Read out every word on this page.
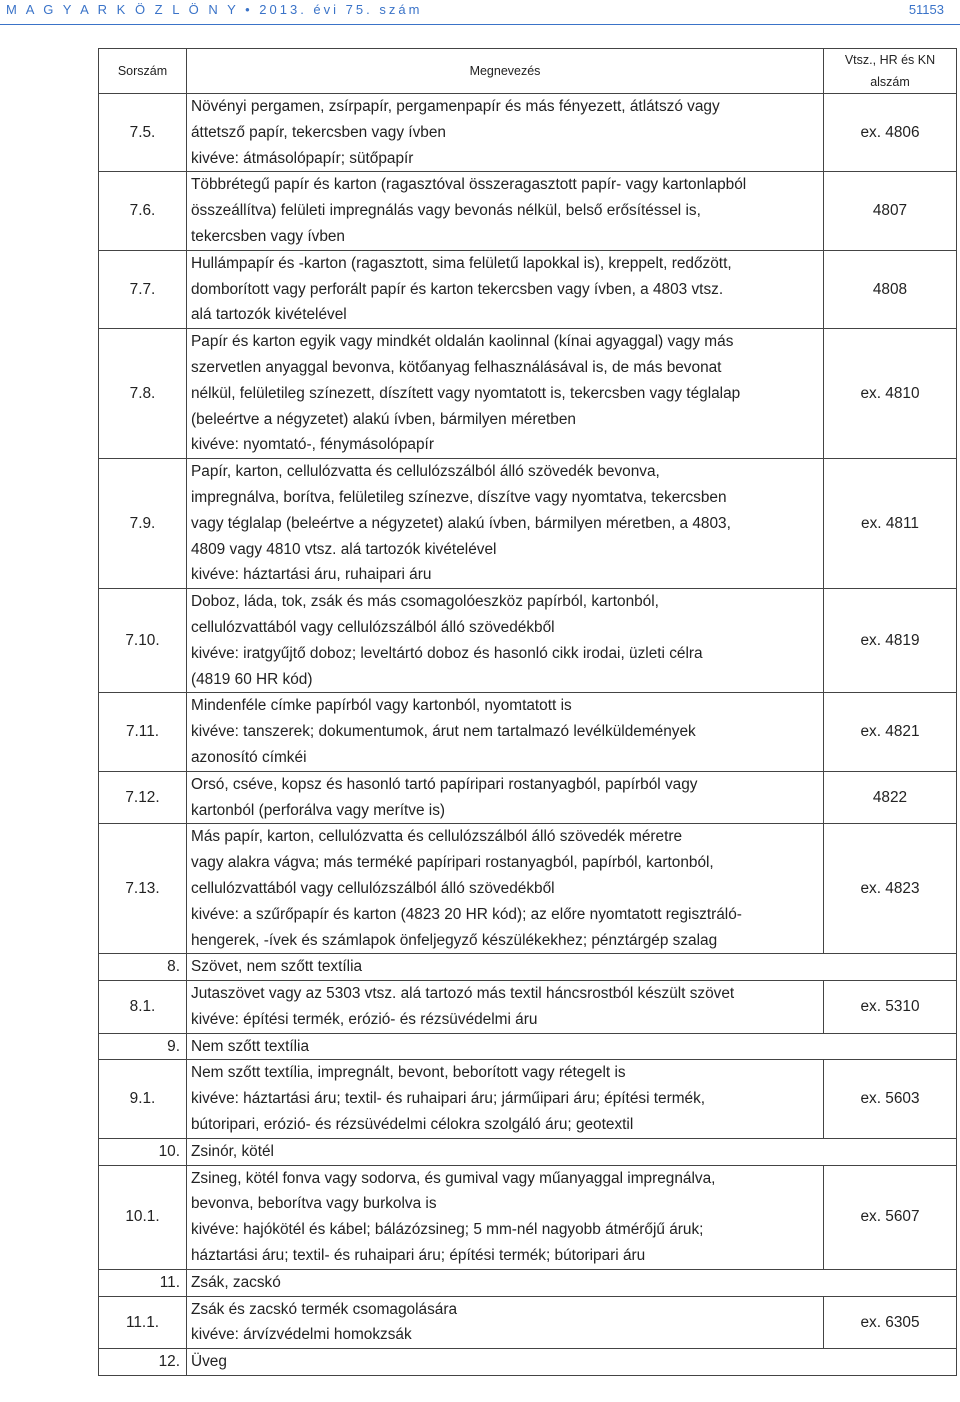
M A G Y A R K Ö Z L Ö N Y • 2013. évi 75. szám	51153
Sorszám	Megnevezés	Vtsz., HR és KN alszám
7.5.	Növényi pergamen, zsírpapír, pergamenpapír és más fényezett, átlátszó vagy
áttetsző papír, tekercsben vagy ívben
kivéve: átmásolópapír; sütőpapír	ex. 4806
7.6.	Többrétegű papír és karton (ragasztóval összeragasztott papír- vagy kartonlapból
összeállítva) felületi impregnálás vagy bevonás nélkül, belső erősítéssel is,
tekercsben vagy ívben	4807
7.7.	Hullámpapír és -karton (ragasztott, sima felületű lapokkal is), kreppelt, redőzött,
domborított vagy perforált papír és karton tekercsben vagy ívben, a 4803 vtsz.
alá tartozók kivételével	4808
7.8.	Papír és karton egyik vagy mindkét oldalán kaolinnal (kínai agyaggal) vagy más
szervetlen anyaggal bevonva, kötőanyag felhasználásával is, de más bevonat
nélkül, felületileg színezett, díszített vagy nyomtatott is, tekercsben vagy téglalap
(beleértve a négyzetet) alakú ívben, bármilyen méretben
kivéve: nyomtató-, fénymásolópapír	ex. 4810
7.9.	Papír, karton, cellulózvatta és cellulózszálból álló szövedék bevonva,
impregnálva, borítva, felületileg színezve, díszítve vagy nyomtatva, tekercsben
vagy téglalap (beleértve a négyzetet) alakú ívben, bármilyen méretben, a 4803,
4809 vagy 4810 vtsz. alá tartozók kivételével
kivéve: háztartási áru, ruhaipari áru	ex. 4811
7.10.	Doboz, láda, tok, zsák és más csomagolóeszköz papírból, kartonból,
cellulózvattából vagy cellulózszálból álló szövedékből
kivéve: iratgyűjtő doboz; leveltártó doboz és hasonló cikk irodai, üzleti célra
(4819 60 HR kód)	ex. 4819
7.11.	Mindenféle címke papírból vagy kartonból, nyomtatott is
kivéve: tanszerek; dokumentumok, árut nem tartalmazó levélküldemények
azonosító címkéi	ex. 4821
7.12.	Orsó, cséve, kopsz és hasonló tartó papíripari rostanyagból, papírból vagy
kartonból (perforálva vagy merítve is)	4822
7.13.	Más papír, karton, cellulózvatta és cellulózszálból álló szövedék méretre
vagy alakra vágva; más terméké papíripari rostanyagból, papírból, kartonból,
cellulózvattából vagy cellulózszálból álló szövedékből
kivéve: a szűrőpapír és karton (4823 20 HR kód); az előre nyomtatott regisztráló-
hengerek, -ívek és számlapok önfeljegyző készülékekhez; pénztárgép szalag	ex. 4823
8.	Szövet, nem szőtt textília	

8.1.	Jutaszövet vagy az 5303 vtsz. alá tartozó más textil háncsrostból készült szövet
kivéve: építési termék, erózió- és rézsüvédelmi áru	ex. 5310
9.	Nem szőtt textília	

9.1.	Nem szőtt textília, impregnált, bevont, beborított vagy rétegelt is
kivéve: háztartási áru; textil- és ruhaipari áru; járműipari áru; építési termék,
bútoripari, erózió- és rézsüvédelmi célokra szolgáló áru; geotextil	ex. 5603
10.	Zsinór, kötél	

10.1.	Zsineg, kötél fonva vagy sodorva, és gumival vagy műanyaggal impregnálva,
bevonva, beborítva vagy burkolva is
kivéve: hajókötél és kábel; bálázózsineg; 5 mm-nél nagyobb átmérőjű áruk;
háztartási áru; textil- és ruhaipari áru; építési termék; bútoripari áru	ex. 5607
11.	Zsák, zacskó	

11.1.	Zsák és zacskó termék csomagolására
kivéve: árvízvédelmi homokzsák	ex. 6305
12.	Üveg	
